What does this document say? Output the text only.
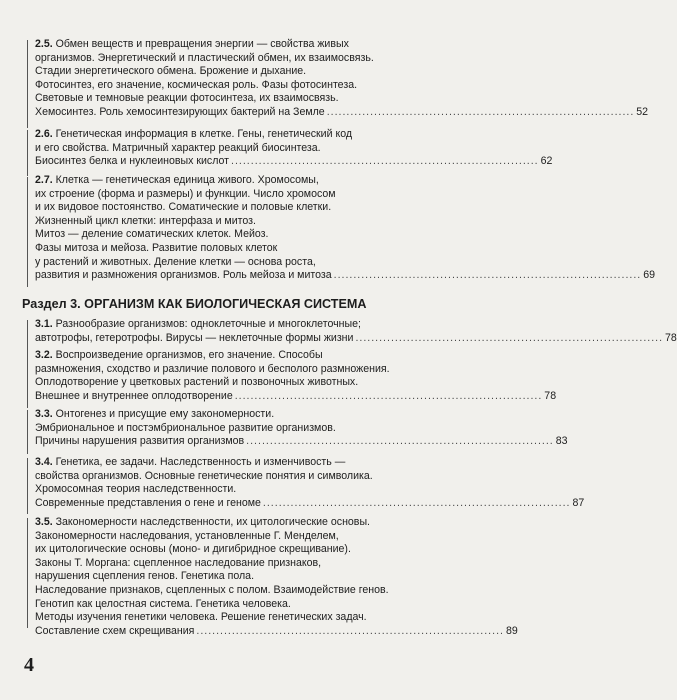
2.5. Обмен веществ и превращения энергии — свойства живых
организмов. Энергетический и пластический обмен, их взаимосвязь.
Стадии энергетического обмена. Брожение и дыхание.
Фотосинтез, его значение, космическая роль. Фазы фотосинтеза.
Световые и темновые реакции фотосинтеза, их взаимосвязь.
Хемосинтез. Роль хемосинтезирующих бактерий на Земле .............................................................................. 52
2.6. Генетическая информация в клетке. Гены, генетический код
и его свойства. Матричный характер реакций биосинтеза.
Биосинтез белка и нуклеиновых кислот .............................................................................. 62
2.7. Клетка — генетическая единица живого. Хромосомы,
их строение (форма и размеры) и функции. Число хромосом
и их видовое постоянство. Соматические и половые клетки.
Жизненный цикл клетки: интерфаза и митоз.
Митоз — деление соматических клеток. Мейоз.
Фазы митоза и мейоза. Развитие половых клеток
у растений и животных. Деление клетки — основа роста,
развития и размножения организмов. Роль мейоза и митоза .............................................................................. 69
Раздел 3. ОРГАНИЗМ КАК БИОЛОГИЧЕСКАЯ СИСТЕМА
3.1. Разнообразие организмов: одноклеточные и многоклеточные;
автотрофы, гетеротрофы. Вирусы — неклеточные формы жизни .............................................................................. 78
3.2. Воспроизведение организмов, его значение. Способы
размножения, сходство и различие полового и бесполого размножения.
Оплодотворение у цветковых растений и позвоночных животных.
Внешнее и внутреннее оплодотворение .............................................................................. 78
3.3. Онтогенез и присущие ему закономерности.
Эмбриональное и постэмбриональное развитие организмов.
Причины нарушения развития организмов .............................................................................. 83
3.4. Генетика, ее задачи. Наследственность и изменчивость —
свойства организмов. Основные генетические понятия и символика.
Хромосомная теория наследственности.
Современные представления о гене и геноме .............................................................................. 87
3.5. Закономерности наследственности, их цитологические основы.
Закономерности наследования, установленные Г. Менделем,
их цитологические основы (моно- и дигибридное скрещивание).
Законы Т. Моргана: сцепленное наследование признаков,
нарушения сцепления генов. Генетика пола.
Наследование признаков, сцепленных с полом. Взаимодействие генов.
Генотип как целостная система. Генетика человека.
Методы изучения генетики человека. Решение генетических задач.
Составление схем скрещивания .............................................................................. 89
4
